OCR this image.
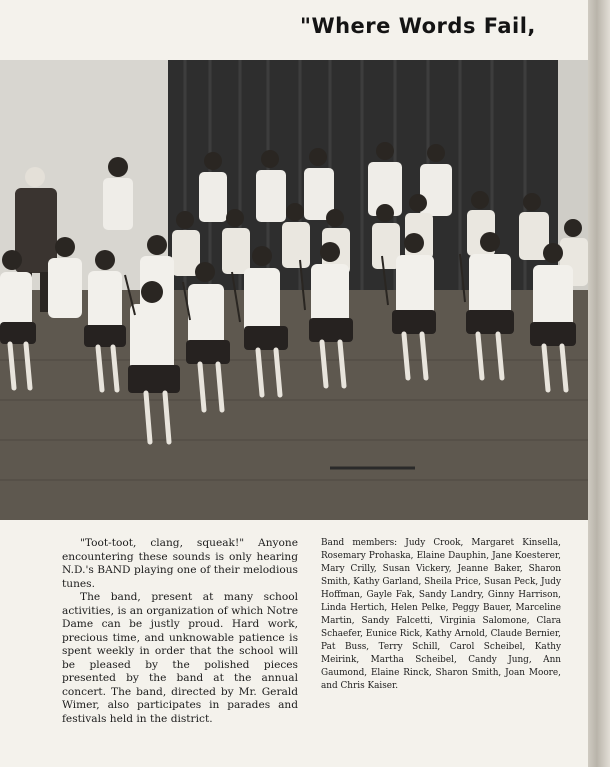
"Where Words Fail,

"Toot-toot, clang, squeak!" Anyone encountering these sounds is only hearing N.D.'s BAND playing one of their melodious tunes.

The band, present at many school activities, is an organization of which Notre Dame can be justly proud. Hard work, precious time, and unknowable patience is spent weekly in order that the school will be pleased by the polished pieces presented by the band at the annual concert. The band, directed by Mr. Gerald Wimer, also participates in parades and festivals held in the district.

Band members: Judy Crook, Margaret Kinsella, Rosemary Prohaska, Elaine Dauphin, Jane Koesterer, Mary Crilly, Susan Vickery, Jeanne Baker, Sharon Smith, Kathy Garland, Sheila Price, Susan Peck, Judy Hoffman, Gayle Fak, Sandy Landry, Ginny Harrison, Linda Hertich, Helen Pelke, Peggy Bauer, Marceline Martin, Sandy Falcetti, Virginia Salomone, Clara Schaefer, Eunice Rick, Kathy Arnold, Claude Bernier, Pat Buss, Terry Schill, Carol Scheibel, Kathy Meirink, Martha Scheibel, Candy Jung, Ann Gaumond, Elaine Rinck, Sharon Smith, Joan Moore, and Chris Kaiser.
